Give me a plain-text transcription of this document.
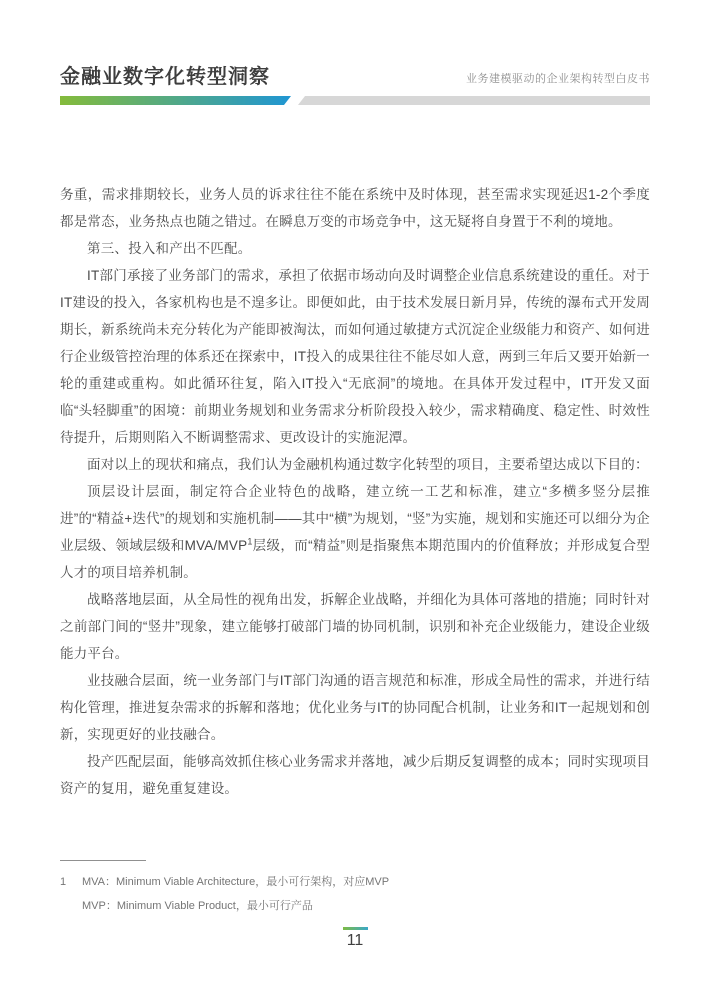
金融业数字化转型洞察	业务建模驱动的企业架构转型白皮书

务重，需求排期较长，业务人员的诉求往往不能在系统中及时体现，甚至需求实现延迟1-2个季度都是常态，业务热点也随之错过。在瞬息万变的市场竞争中，这无疑将自身置于不利的境地。

第三、投入和产出不匹配。

IT部门承接了业务部门的需求，承担了依据市场动向及时调整企业信息系统建设的重任。对于IT建设的投入，各家机构也是不遑多让。即便如此，由于技术发展日新月异，传统的瀑布式开发周期长，新系统尚未充分转化为产能即被淘汰，而如何通过敏捷方式沉淀企业级能力和资产、如何进行企业级管控治理的体系还在探索中，IT投入的成果往往不能尽如人意，两到三年后又要开始新一轮的重建或重构。如此循环往复，陷入IT投入“无底洞”的境地。在具体开发过程中，IT开发又面临“头轻脚重”的困境：前期业务规划和业务需求分析阶段投入较少，需求精确度、稳定性、时效性待提升，后期则陷入不断调整需求、更改设计的实施泥潭。

面对以上的现状和痛点，我们认为金融机构通过数字化转型的项目，主要希望达成以下目的：

顶层设计层面，制定符合企业特色的战略，建立统一工艺和标准，建立“多横多竖分层推进”的“精益+迭代”的规划和实施机制——其中“横”为规划，“竖”为实施，规划和实施还可以细分为企业层级、领域层级和MVA/MVP$^1$层级，而“精益”则是指聚焦本期范围内的价值释放；并形成复合型人才的项目培养机制。

战略落地层面，从全局性的视角出发，拆解企业战略，并细化为具体可落地的措施；同时针对之前部门间的“竖井”现象，建立能够打破部门墙的协同机制，识别和补充企业级能力，建设企业级能力平台。

业技融合层面，统一业务部门与IT部门沟通的语言规范和标准，形成全局性的需求，并进行结构化管理，推进复杂需求的拆解和落地；优化业务与IT的协同配合机制，让业务和IT一起规划和创新，实现更好的业技融合。

投产匹配层面，能够高效抓住核心业务需求并落地，减少后期反复调整的成本；同时实现项目资产的复用，避免重复建设。

1	MVA：Minimum Viable Architecture，最小可行架构，对应MVP
MVP：Minimum Viable Product，最小可行产品
11
